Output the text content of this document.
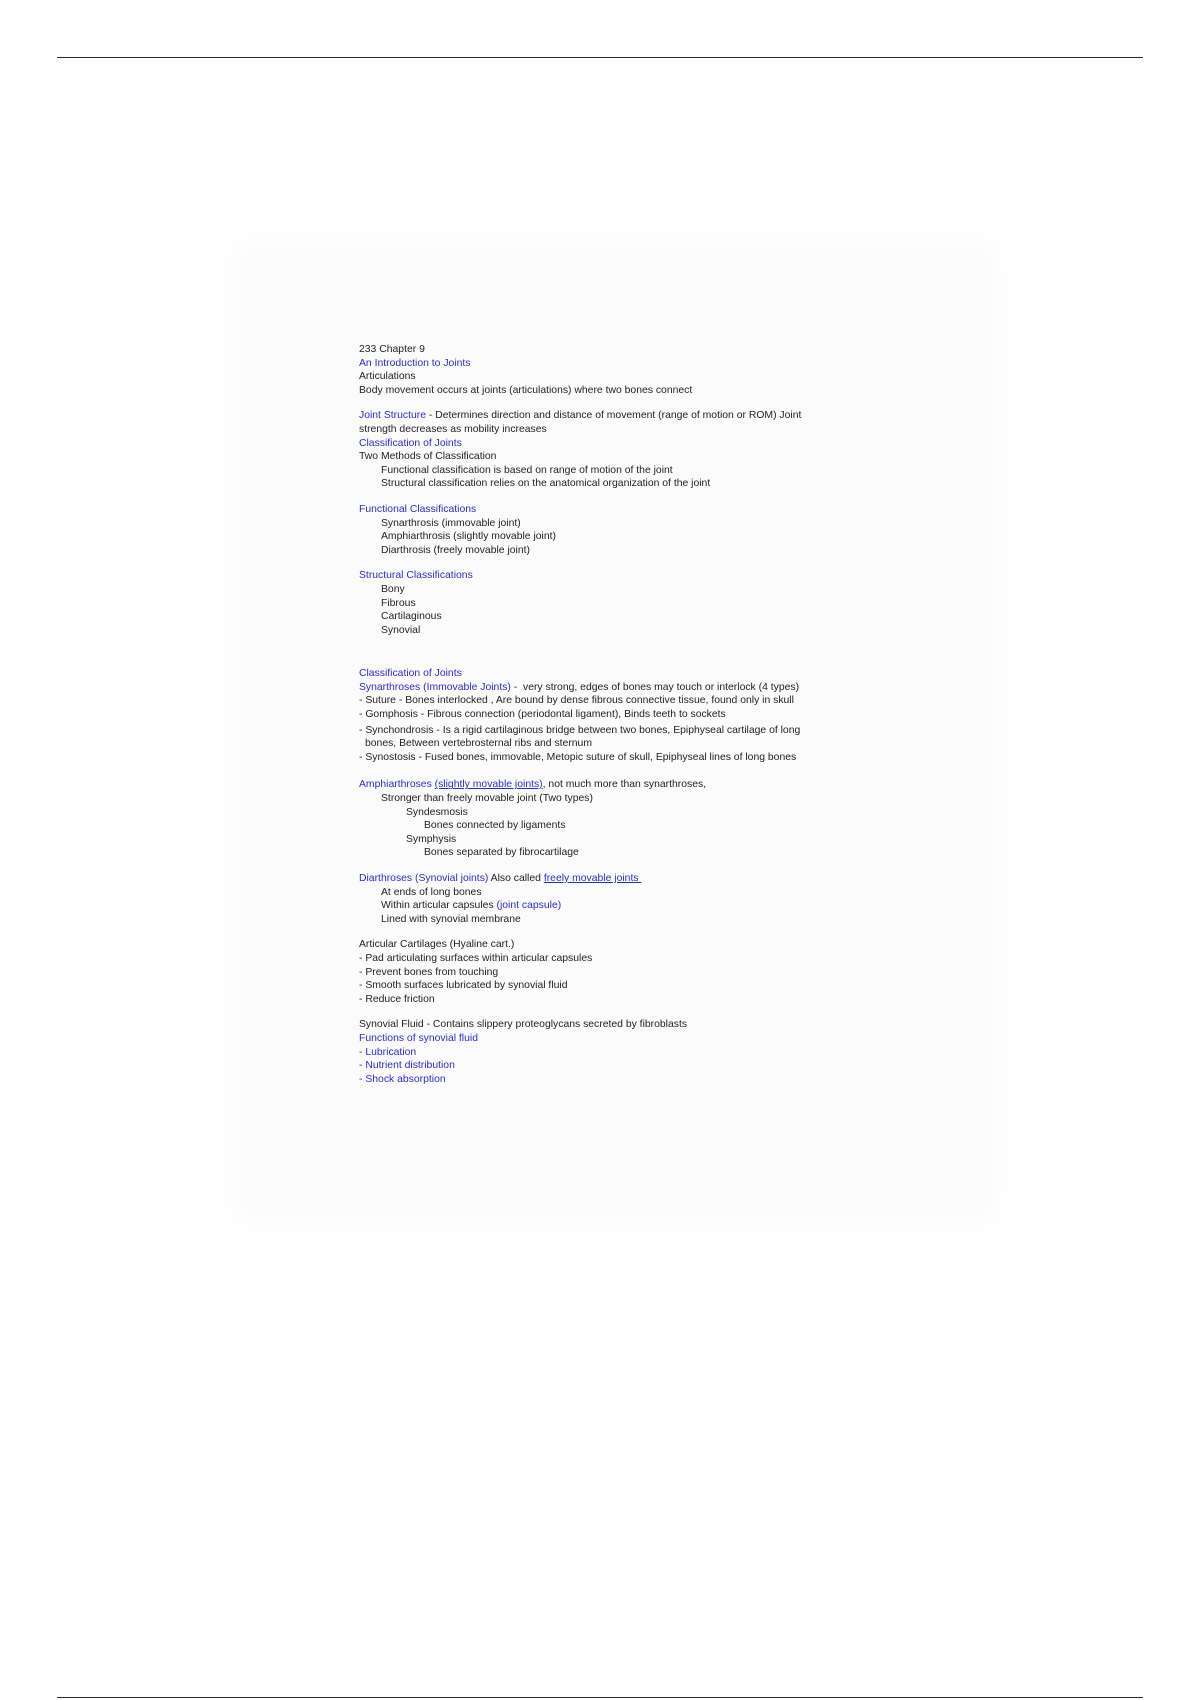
233 Chapter 9
An Introduction to Joints
Articulations
Body movement occurs at joints (articulations) where two bones connect
Joint Structure - Determines direction and distance of movement (range of motion or ROM) Joint
strength decreases as mobility increases
Classification of Joints
Two Methods of Classification
Functional classification is based on range of motion of the joint
Structural classification relies on the anatomical organization of the joint
Functional Classifications
Synarthrosis (immovable joint)
Amphiarthrosis (slightly movable joint)
Diarthrosis (freely movable joint)
Structural Classifications
Bony
Fibrous
Cartilaginous
Synovial
Classification of Joints
Synarthroses (Immovable Joints) -  very strong, edges of bones may touch or interlock (4 types)
- Suture - Bones interlocked , Are bound by dense fibrous connective tissue, found only in skull
- Gomphosis - Fibrous connection (periodontal ligament), Binds teeth to sockets
- Synchondrosis - Is a rigid cartilaginous bridge between two bones, Epiphyseal cartilage of long
bones, Between vertebrosternal ribs and sternum
- Synostosis - Fused bones, immovable, Metopic suture of skull, Epiphyseal lines of long bones
Amphiarthroses (slightly movable joints), not much more than synarthroses,
Stronger than freely movable joint (Two types)
Syndesmosis
Bones connected by ligaments
Symphysis
Bones separated by fibrocartilage
Diarthroses (Synovial joints) Also called freely movable joints
At ends of long bones
Within articular capsules (joint capsule)
Lined with synovial membrane
Articular Cartilages (Hyaline cart.)
- Pad articulating surfaces within articular capsules
- Prevent bones from touching
- Smooth surfaces lubricated by synovial fluid
- Reduce friction
Synovial Fluid - Contains slippery proteoglycans secreted by fibroblasts
Functions of synovial fluid
- Lubrication
- Nutrient distribution
- Shock absorption
